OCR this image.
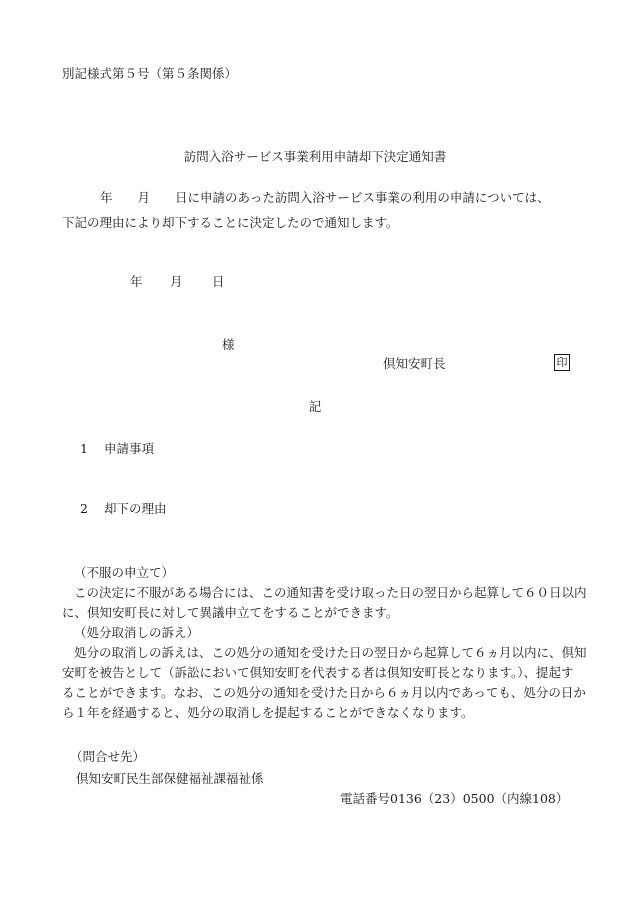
別記様式第５号（第５条関係）
訪問入浴サービス事業利用申請却下決定通知書
年　　月　　日に申請のあった訪問入浴サービス事業の利用の申請については、
下記の理由により却下することに決定したので通知します。
年 月 日
様
倶知安町長	印
記
1 申請事項
2 却下の理由
（不服の申立て）
この決定に不服がある場合には、この通知書を受け取った日の翌日から起算して６０日以内
に、倶知安町長に対して異議申立てをすることができます。
（処分取消しの訴え）
処分の取消しの訴えは、この処分の通知を受けた日の翌日から起算して６ヵ月以内に、倶知
安町を被告として（訴訟において倶知安町を代表する者は倶知安町長となります。）、提起す
ることができます。なお、この処分の通知を受けた日から６ヵ月以内であっても、処分の日か
ら１年を経過すると、処分の取消しを提起することができなくなります。
（問合せ先）
倶知安町民生部保健福祉課福祉係
電話番号0136（23）0500（内線108）
